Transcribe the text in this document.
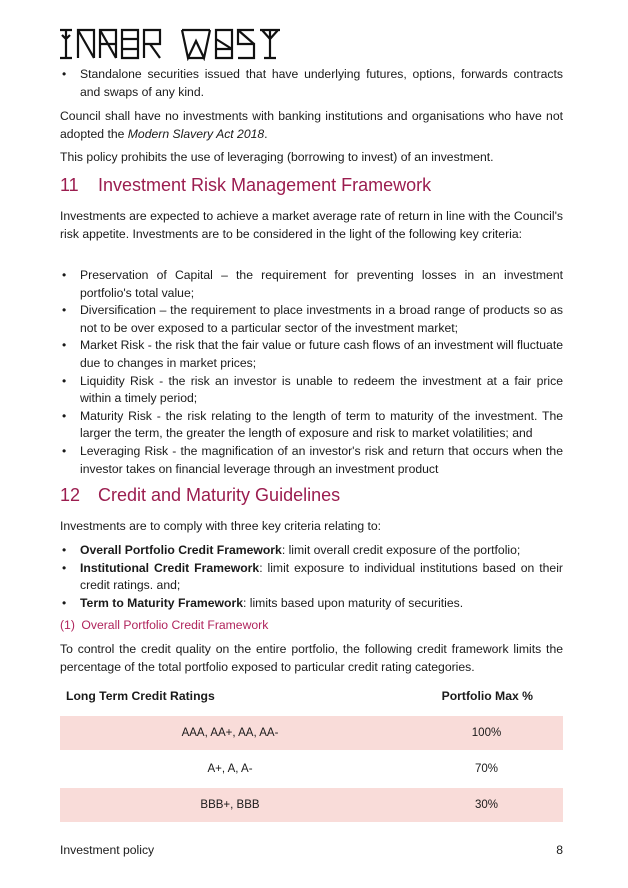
• Standalone securities issued that have underlying futures, options, forwards contracts and swaps of any kind.
Council shall have no investments with banking institutions and organisations who have not adopted the Modern Slavery Act 2018.
This policy prohibits the use of leveraging (borrowing to invest) of an investment.
11	Investment Risk Management Framework
Investments are expected to achieve a market average rate of return in line with the Council's risk appetite. Investments are to be considered in the light of the following key criteria:
• Preservation of Capital – the requirement for preventing losses in an investment portfolio's total value;
• Diversification – the requirement to place investments in a broad range of products so as not to be over exposed to a particular sector of the investment market;
• Market Risk - the risk that the fair value or future cash flows of an investment will fluctuate due to changes in market prices;
• Liquidity Risk - the risk an investor is unable to redeem the investment at a fair price within a timely period;
• Maturity Risk - the risk relating to the length of term to maturity of the investment. The larger the term, the greater the length of exposure and risk to market volatilities; and
• Leveraging Risk - the magnification of an investor's risk and return that occurs when the investor takes on financial leverage through an investment product
12 Credit and Maturity Guidelines
Investments are to comply with three key criteria relating to:
• Overall Portfolio Credit Framework: limit overall credit exposure of the portfolio;
• Institutional Credit Framework: limit exposure to individual institutions based on their credit ratings. and;
• Term to Maturity Framework: limits based upon maturity of securities.
(1) Overall Portfolio Credit Framework
To control the credit quality on the entire portfolio, the following credit framework limits the percentage of the total portfolio exposed to particular credit rating categories.
Long Term Credit Ratings	Portfolio Max %
AAA, AA+, AA, AA-	100%
A+, A, A-	70%
BBB+, BBB	30%
Investment policy	8
